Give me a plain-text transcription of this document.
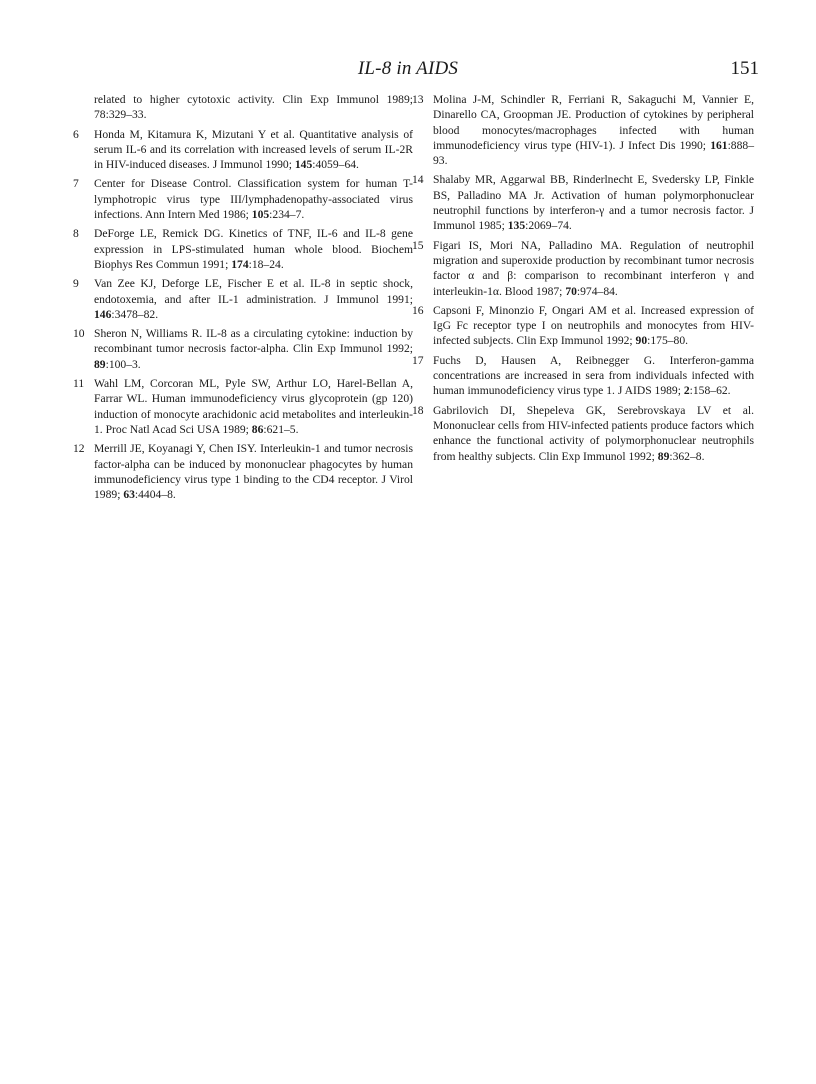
IL-8 in AIDS	151
related to higher cytotoxic activity. Clin Exp Immunol 1989; 78:329–33.
6	Honda M, Kitamura K, Mizutani Y et al. Quantitative analysis of serum IL-6 and its correlation with increased levels of serum IL-2R in HIV-induced diseases. J Immunol 1990; 145:4059–64.
7	Center for Disease Control. Classification system for human T-lymphotropic virus type III/lymphadenopathy-associated virus infections. Ann Intern Med 1986; 105:234–7.
8	DeForge LE, Remick DG. Kinetics of TNF, IL-6 and IL-8 gene expression in LPS-stimulated human whole blood. Biochem Biophys Res Commun 1991; 174:18–24.
9	Van Zee KJ, Deforge LE, Fischer E et al. IL-8 in septic shock, endotoxemia, and after IL-1 administration. J Immunol 1991; 146:3478–82.
10 Sheron N, Williams R. IL-8 as a circulating cytokine: induction by recombinant tumor necrosis factor-alpha. Clin Exp Immunol 1992; 89:100–3.
11 Wahl LM, Corcoran ML, Pyle SW, Arthur LO, Harel-Bellan A, Farrar WL. Human immunodeficiency virus glycoprotein (gp 120) induction of monocyte arachidonic acid metabolites and interleukin-1. Proc Natl Acad Sci USA 1989; 86:621–5.
12 Merrill JE, Koyanagi Y, Chen ISY. Interleukin-1 and tumor necrosis factor-alpha can be induced by mononuclear phagocytes by human immunodeficiency virus type 1 binding to the CD4 receptor. J Virol 1989; 63:4404–8.
13 Molina J-M, Schindler R, Ferriani R, Sakaguchi M, Vannier E, Dinarello CA, Groopman JE. Production of cytokines by peripheral blood monocytes/macrophages infected with human immunodeficiency virus type (HIV-1). J Infect Dis 1990; 161:888–93.
14 Shalaby MR, Aggarwal BB, Rinderlnecht E, Svedersky LP, Finkle BS, Palladino MA Jr. Activation of human polymorphonuclear neutrophil functions by interferon-γ and a tumor necrosis factor. J Immunol 1985; 135:2069–74.
15 Figari IS, Mori NA, Palladino MA. Regulation of neutrophil migration and superoxide production by recombinant tumor necrosis factor α and β: comparison to recombinant interferon γ and interleukin-1α. Blood 1987; 70:974–84.
16 Capsoni F, Minonzio F, Ongari AM et al. Increased expression of IgG Fc receptor type I on neutrophils and monocytes from HIV-infected subjects. Clin Exp Immunol 1992; 90:175–80.
17 Fuchs D, Hausen A, Reibnegger G. Interferon-gamma concentrations are increased in sera from individuals infected with human immunodeficiency virus type 1. J AIDS 1989; 2:158–62.
18 Gabrilovich DI, Shepeleva GK, Serebrovskaya LV et al. Mononuclear cells from HIV-infected patients produce factors which enhance the functional activity of polymorphonuclear neutrophils from healthy subjects. Clin Exp Immunol 1992; 89:362–8.
